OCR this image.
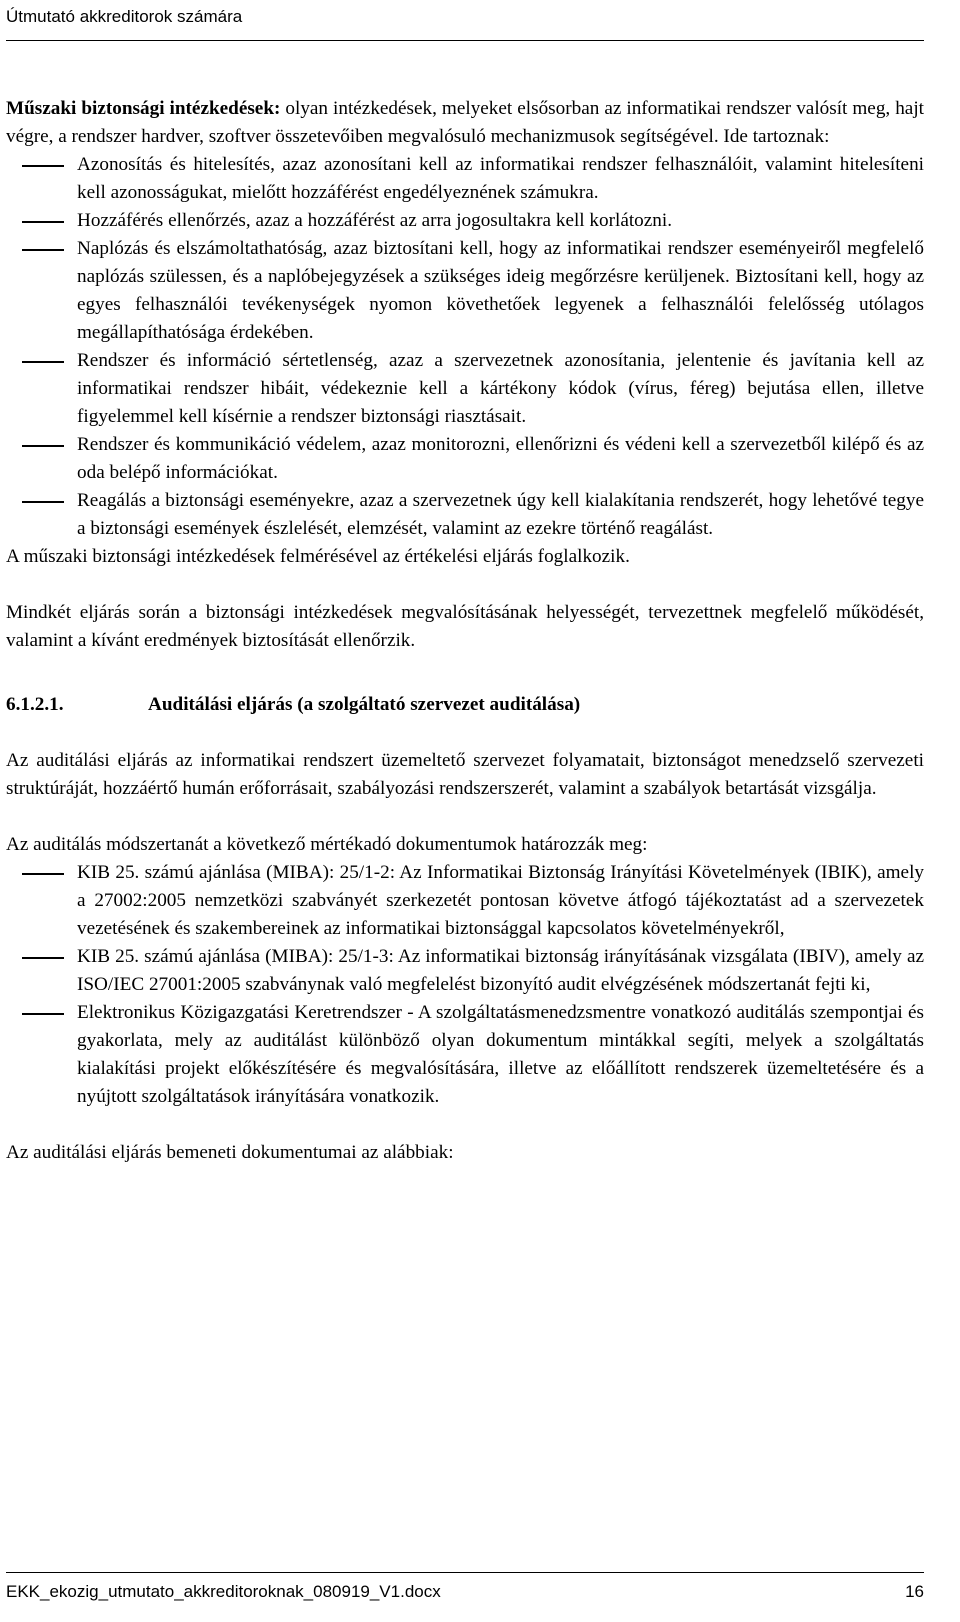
Útmutató akkreditorok számára

Műszaki biztonsági intézkedések: olyan intézkedések, melyeket elsősorban az informatikai rendszer valósít meg, hajt végre, a rendszer hardver, szoftver összetevőiben megvalósuló mechanizmusok segítségével. Ide tartoznak:

Azonosítás és hitelesítés, azaz azonosítani kell az informatikai rendszer felhasználóit, valamint hitelesíteni kell azonosságukat, mielőtt hozzáférést engedélyeznének számukra.
Hozzáférés ellenőrzés, azaz a hozzáférést az arra jogosultakra kell korlátozni.
Naplózás és elszámoltathatóság, azaz biztosítani kell, hogy az informatikai rendszer eseményeiről megfelelő naplózás szülessen, és a naplóbejegyzések a szükséges ideig megőrzésre kerüljenek. Biztosítani kell, hogy az egyes felhasználói tevékenységek nyomon követhetőek legyenek a felhasználói felelősség utólagos megállapíthatósága érdekében.
Rendszer és információ sértetlenség, azaz a szervezetnek azonosítania, jelentenie és javítania kell az informatikai rendszer hibáit, védekeznie kell a kártékony kódok (vírus, féreg) bejutása ellen, illetve figyelemmel kell kísérnie a rendszer biztonsági riasztásait.
Rendszer és kommunikáció védelem, azaz monitorozni, ellenőrizni és védeni kell a szervezetből kilépő és az oda belépő információkat.
Reagálás a biztonsági eseményekre, azaz a szervezetnek úgy kell kialakítania rendszerét, hogy lehetővé tegye a biztonsági események észlelését, elemzését, valamint az ezekre történő reagálást.

A műszaki biztonsági intézkedések felmérésével az értékelési eljárás foglalkozik.

Mindkét eljárás során a biztonsági intézkedések megvalósításának helyességét, tervezettnek megfelelő működését, valamint a kívánt eredmények biztosítását ellenőrzik.

6.1.2.1.	Auditálási eljárás (a szolgáltató szervezet auditálása)

Az auditálási eljárás az informatikai rendszert üzemeltető szervezet folyamatait, biztonságot menedzselő szervezeti struktúráját, hozzáértő humán erőforrásait, szabályozási rendszerszerét, valamint a szabályok betartását vizsgálja.

Az auditálás módszertanát a következő mértékadó dokumentumok határozzák meg:

KIB 25. számú ajánlása (MIBA): 25/1-2: Az Informatikai Biztonság Irányítási Követelmények (IBIK), amely a 27002:2005 nemzetközi szabványét szerkezetét pontosan követve átfogó tájékoztatást ad a szervezetek vezetésének és szakembereinek az informatikai biztonsággal kapcsolatos követelményekről,
KIB 25. számú ajánlása (MIBA): 25/1-3: Az informatikai biztonság irányításának vizsgálata (IBIV), amely az ISO/IEC 27001:2005 szabványnak való megfelelést bizonyító audit elvégzésének módszertanát fejti ki,
Elektronikus Közigazgatási Keretrendszer - A szolgáltatásmenedzsmentre vonatkozó auditálás szempontjai és gyakorlata, mely az auditálást különböző olyan dokumentum mintákkal segíti, melyek a szolgáltatás kialakítási projekt előkészítésére és megvalósítására, illetve az előállított rendszerek üzemeltetésére és a nyújtott szolgáltatások irányítására vonatkozik.

Az auditálási eljárás bemeneti dokumentumai az alábbiak:

EKK_ekozig_utmutato_akkreditoroknak_080919_V1.docx	16
